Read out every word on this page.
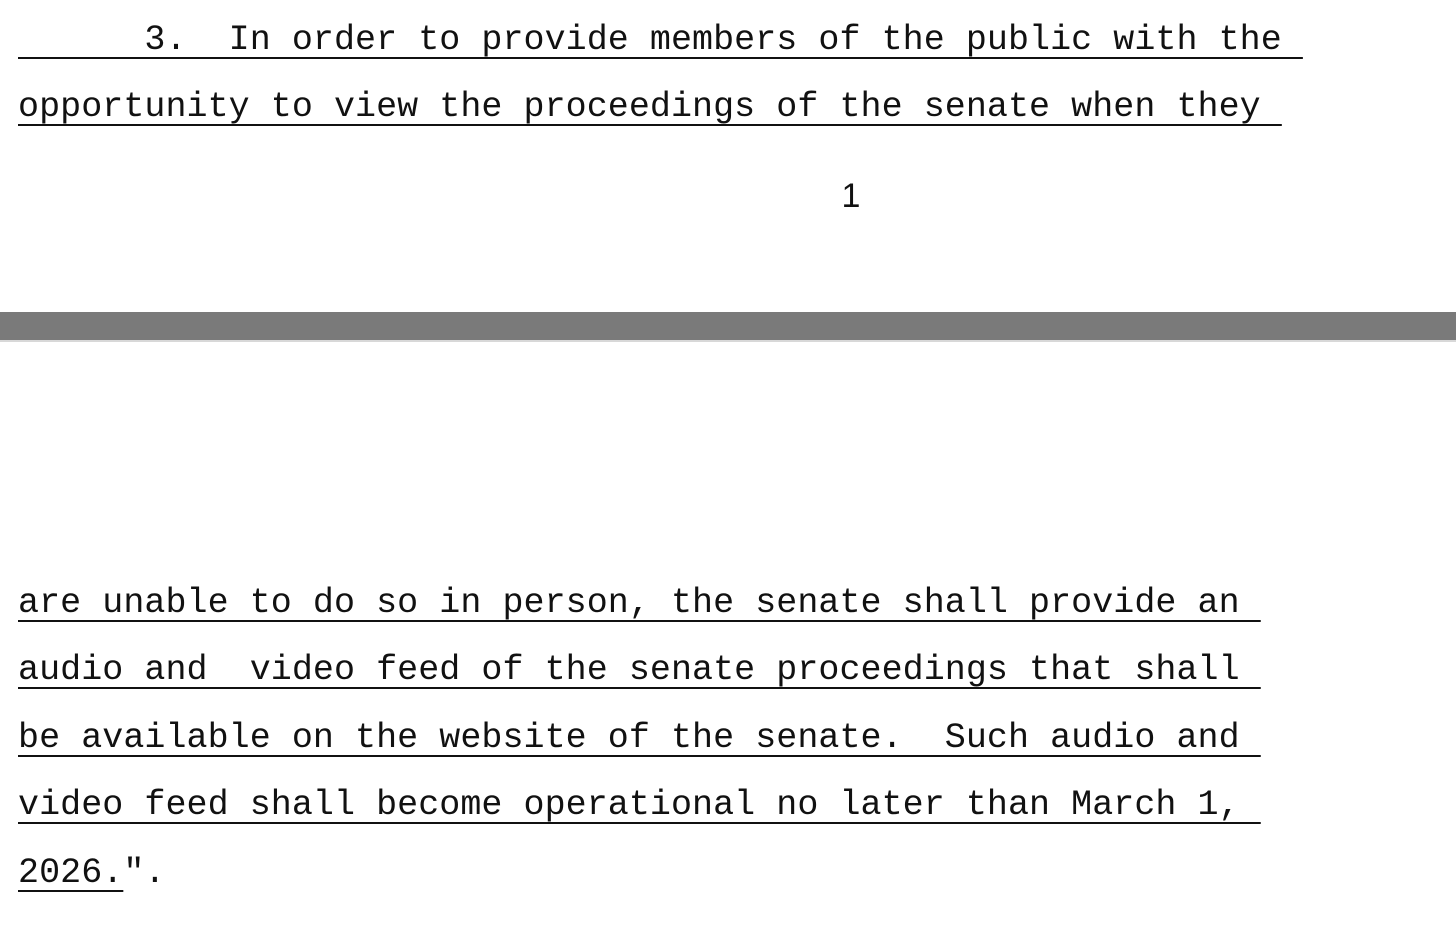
3.  In order to provide members of the public with the
opportunity to view the proceedings of the senate when they
1
are unable to do so in person, the senate shall provide an
audio and  video feed of the senate proceedings that shall
be available on the website of the senate.  Such audio and
video feed shall become operational no later than March 1,
2026.".
